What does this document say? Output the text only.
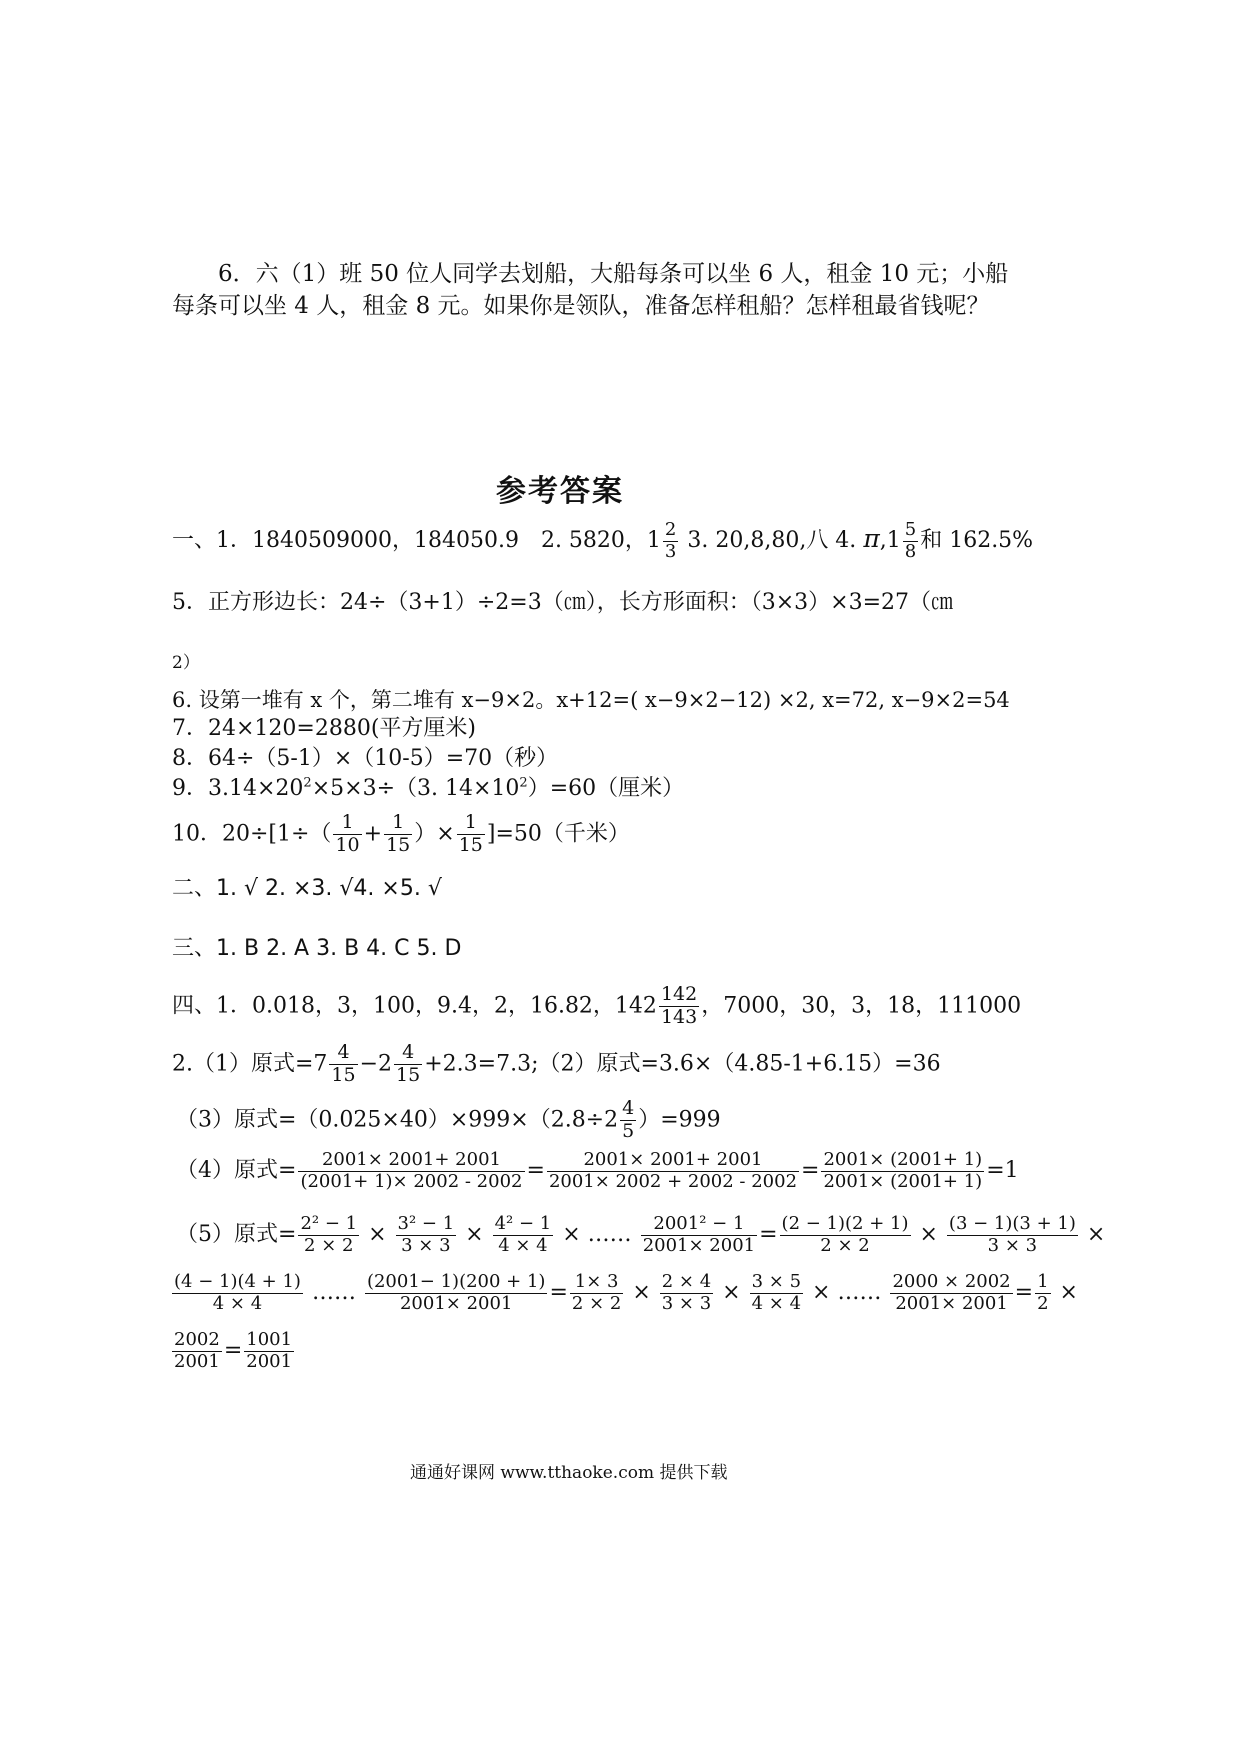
6．六（1）班 50 位人同学去划船，大船每条可以坐 6 人，租金 10 元；小船
每条可以坐 4 人，租金 8 元。如果你是领队，准备怎样租船？怎样租最省钱呢？
参考答案
一、1．1840509000，184050.9　2. 5820，$1 \frac{2}{3} 3$. 20,8,80,八 4. $\pi,1 \frac{5}{8}$ 和 162.5%
5．正方形边长：24÷（3+1）÷2=3（㎝），长方形面积：（3×3）×3=27（㎝
2）
6. 设第一堆有 x 个，第二堆有 x−9×2。x+12=( x−9×2−12) ×2, x=72, x−9×2=54
7．24×120=2880(平方厘米)
8．64÷（5-1）×（10-5）=70（秒）
9．$3.14\times 20^2\times 5\times 3\div(3$. $14\times 10^2)=60$（厘米）
10．$20\div[1\div( \frac{1}{10} + \frac{1}{15}$ ）× $\frac{1}{15} ]=50$（千米）
二、1. √ 2. ×3. √4. ×5. √
三、1. B 2. A 3. B 4. C 5. D
四、1．0.018，3，100，9.4，2，16.82，$142 \frac{142}{143}$ ，7000，30，3，18，111000
2.（1）原式$=7 \frac{4}{15} -2 \frac{4}{15}$ +2.3=7.3;（2）原式=3.6×（4.85-1+6.15）=36
（3）原式$=(0.025\times 40)\times 999\times(2.8\div 2 \frac{4}{5} )=999$
（4）原式= $\frac{2001\times 2001+ 2001}{(2001+ 1)\times 2002 - 2002} = \frac{2001\times 2001+ 2001}{2001\times 2002 + 2002 - 2002} = \frac{2001\times (2001+ 1)}{2001\times (2001+ 1)} =1$
（5）原式= $\frac{\text{2² − 1}}{2 \times 2} \times \frac{\text{3² − 1}}{3 \times 3} \times \frac{\text{4² − 1}}{4 \times 4}$ × …… $\frac{\text{2001² − 1}}{2001\times 2001} = \frac{(2 - 1)(2 + 1)}{2 \times 2} \times \frac{(3 - 1)(3 + 1)}{3 \times 3}$ ×
$\frac{(4 - 1)(4 + 1)}{4 \times 4}$ …… $\frac{(2001- 1)(200 + 1)}{2001\times 2001} = \frac{1\times 3}{2 \times 2} \times \frac{2 \times 4}{3 \times 3} \times \frac{3 \times 5}{4 \times 4}$ × …… $\frac{2000 \times 2002}{2001\times 2001} = \frac{1}{2}$ ×
$\frac{2002}{2001} = \frac{1001}{2001}$
通通好课网 www.tthaoke.com 提供下载
